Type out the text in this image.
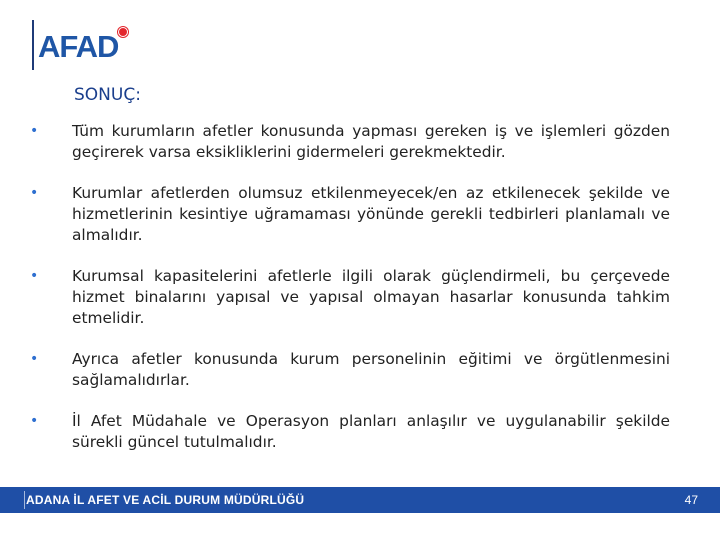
AFAD
SONUÇ:
• Tüm kurumların afetler konusunda yapması gereken iş ve işlemleri gözden geçirerek varsa eksikliklerini gidermeleri gerekmektedir.
• Kurumlar afetlerden olumsuz etkilenmeyecek/en az etkilenecek şekilde ve hizmetlerinin kesintiye uğramaması yönünde gerekli tedbirleri planlamalı ve almalıdır.
• Kurumsal kapasitelerini afetlerle ilgili olarak güçlendirmeli, bu çerçevede hizmet binalarını yapısal ve yapısal olmayan hasarlar konusunda tahkim etmelidir.
• Ayrıca afetler konusunda kurum personelinin eğitimi ve örgütlenmesini sağlamalıdırlar.
• İl Afet Müdahale ve Operasyon planları anlaşılır ve uygulanabilir şekilde sürekli güncel tutulmalıdır.
ADANA İL AFET VE ACİL DURUM MÜDÜRLÜĞÜ	47
